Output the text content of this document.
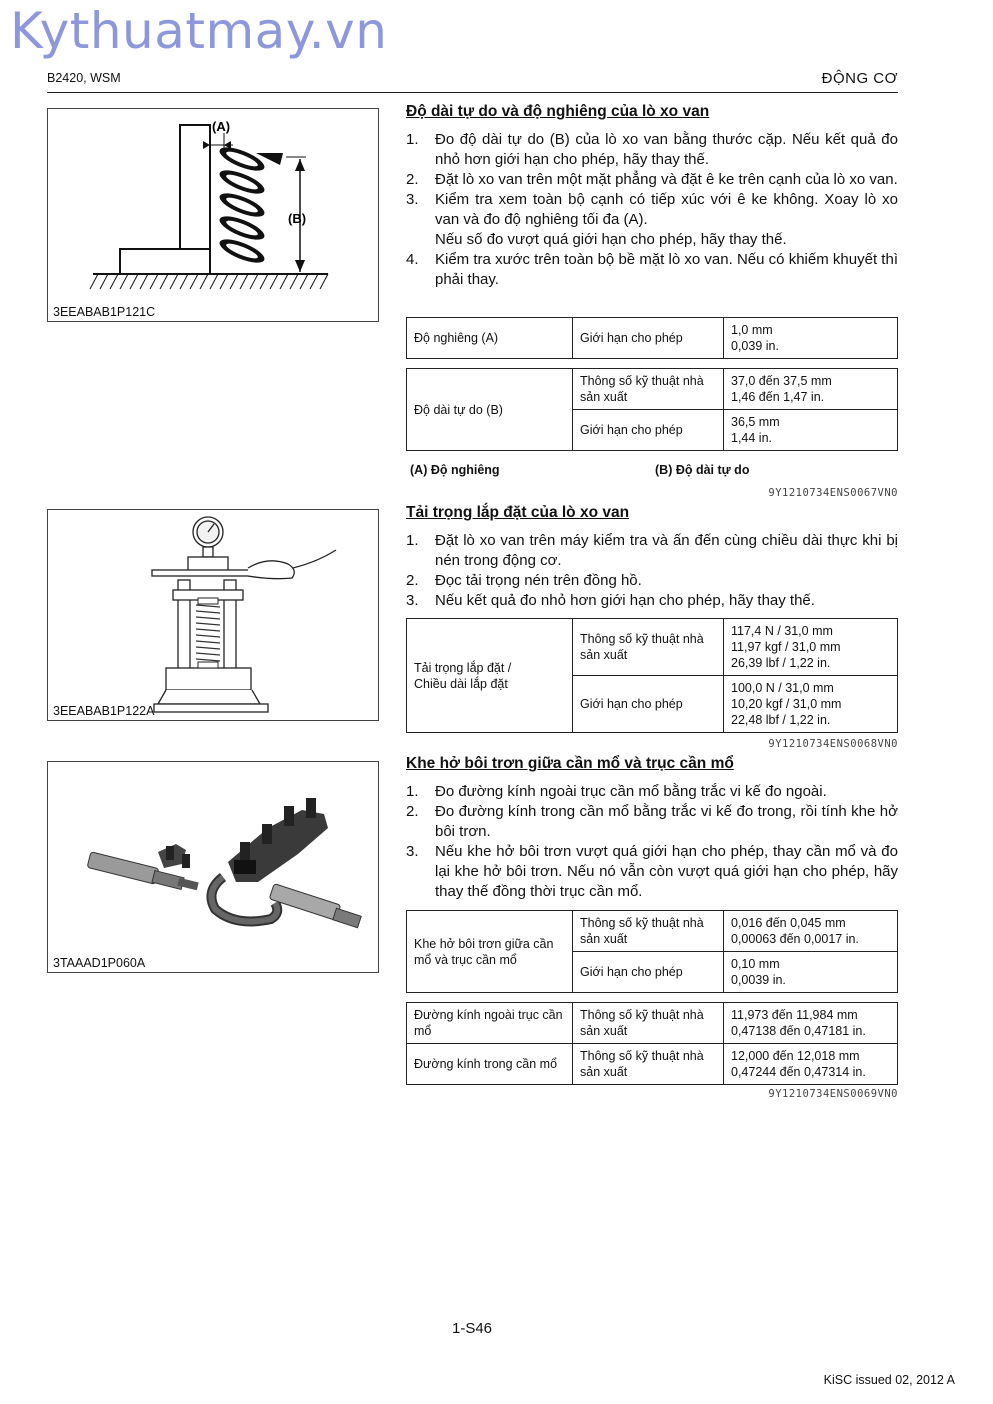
Kythuatmay.vn
B2420, WSM	ĐỘNG CƠ
(A)
(B)
3EEABAB1P121C
3EEABAB1P122A
3TAAAD1P060A
Độ dài tự do và độ nghiêng của lò xo van
1. Đo độ dài tự do (B) của lò xo van bằng thước cặp. Nếu kết quả đo nhỏ hơn giới hạn cho phép, hãy thay thế.
2. Đặt lò xo van trên một mặt phẳng và đặt ê ke trên cạnh của lò xo van.
3. Kiểm tra xem toàn bộ cạnh có tiếp xúc với ê ke không. Xoay lò xo van và đo độ nghiêng tối đa (A).
Nếu số đo vượt quá giới hạn cho phép, hãy thay thế.
4. Kiểm tra xước trên toàn bộ bề mặt lò xo van. Nếu có khiếm khuyết thì phải thay.
Độ nghiêng (A)	Giới hạn cho phép	1,0 mm
0,039 in.
Độ dài tự do (B)	Thông số kỹ thuật nhà sản xuất	37,0 đến 37,5 mm
1,46 đến 1,47 in.
	Giới hạn cho phép	36,5 mm
1,44 in.
(A) Độ nghiêng	(B) Độ dài tự do
9Y1210734ENS0067VN0
Tải trọng lắp đặt của lò xo van
1. Đặt lò xo van trên máy kiểm tra và ấn đến cùng chiều dài thực khi bị nén trong động cơ.
2. Đọc tải trọng nén trên đồng hồ.
3. Nếu kết quả đo nhỏ hơn giới hạn cho phép, hãy thay thế.
Tải trọng lắp đặt /
Chiều dài lắp đặt	Thông số kỹ thuật nhà sản xuất	117,4 N / 31,0 mm
11,97 kgf / 31,0 mm
26,39 lbf / 1,22 in.
	Giới hạn cho phép	100,0 N / 31,0 mm
10,20 kgf / 31,0 mm
22,48 lbf / 1,22 in.
9Y1210734ENS0068VN0
Khe hở bôi trơn giữa cần mổ và trục cần mổ
1. Đo đường kính ngoài trục cần mổ bằng trắc vi kế đo ngoài.
2. Đo đường kính trong cần mổ bằng trắc vi kế đo trong, rồi tính khe hở bôi trơn.
3. Nếu khe hở bôi trơn vượt quá giới hạn cho phép, thay cần mổ và đo lại khe hở bôi trơn. Nếu nó vẫn còn vượt quá giới hạn cho phép, hãy thay thế đồng thời trục cần mổ.
Khe hở bôi trơn giữa cần mổ và trục cần mổ	Thông số kỹ thuật nhà sản xuất	0,016 đến 0,045 mm
0,00063 đến 0,0017 in.
	Giới hạn cho phép	0,10 mm
0,0039 in.
Đường kính ngoài trục cần mổ	Thông số kỹ thuật nhà sản xuất	11,973 đến 11,984 mm
0,47138 đến 0,47181 in.
Đường kính trong cần mổ	Thông số kỹ thuật nhà sản xuất	12,000 đến 12,018 mm
0,47244 đến 0,47314 in.
9Y1210734ENS0069VN0
1-S46
KiSC issued 02, 2012 A
